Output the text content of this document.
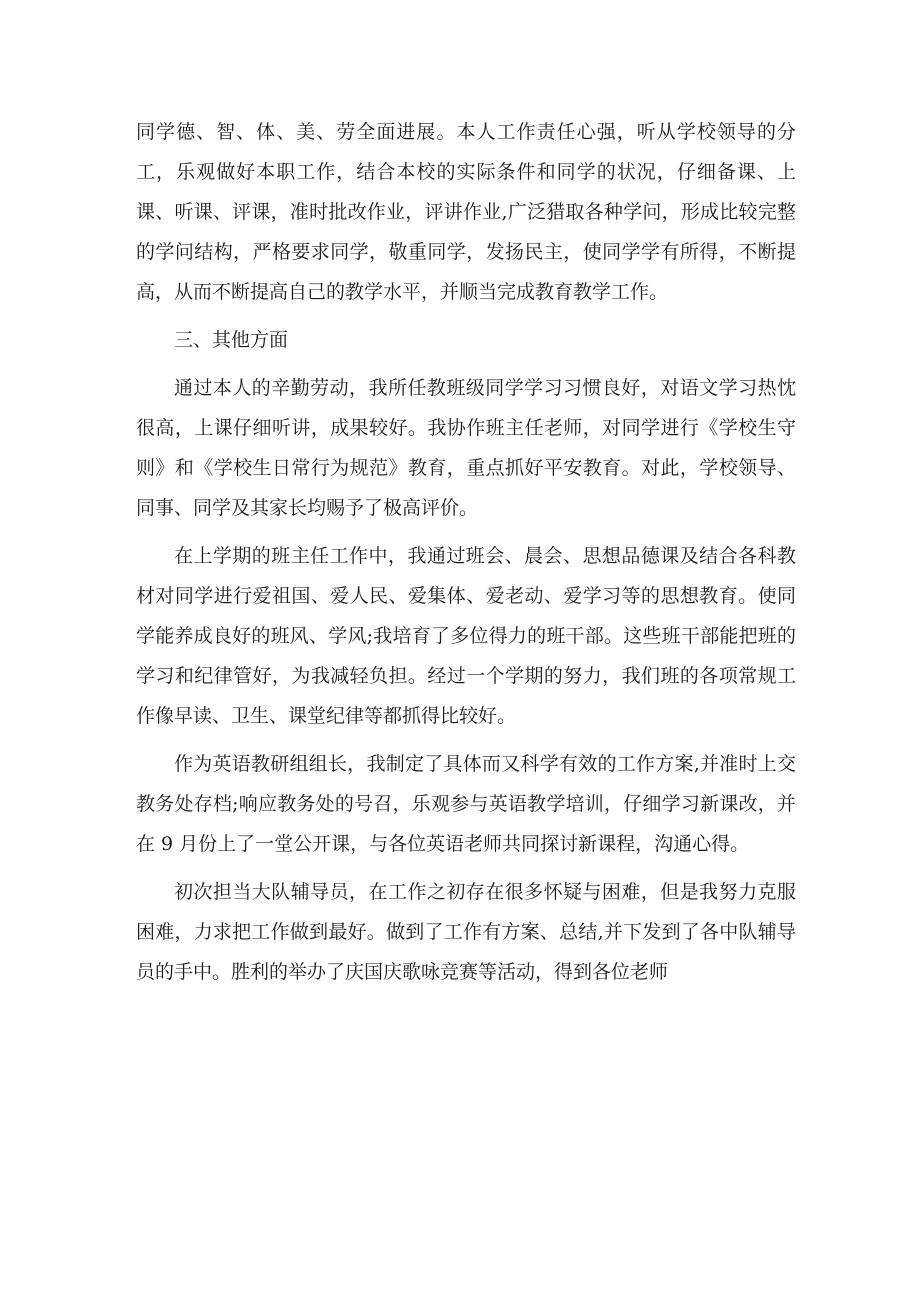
同学德、智、体、美、劳全面进展。本人工作责任心强，听从学校领导的分工，乐观做好本职工作，结合本校的实际条件和同学的状况，仔细备课、上课、听课、评课，准时批改作业，评讲作业,广泛猎取各种学问，形成比较完整的学问结构，严格要求同学，敬重同学，发扬民主，使同学学有所得，不断提高，从而不断提高自己的教学水平，并顺当完成教育教学工作。

三、其他方面

通过本人的辛勤劳动，我所任教班级同学学习习惯良好，对语文学习热忱很高，上课仔细听讲，成果较好。我协作班主任老师，对同学进行《学校生守则》和《学校生日常行为规范》教育，重点抓好平安教育。对此，学校领导、同事、同学及其家长均赐予了极高评价。

在上学期的班主任工作中，我通过班会、晨会、思想品德课及结合各科教材对同学进行爱祖国、爱人民、爱集体、爱老动、爱学习等的思想教育。使同学能养成良好的班风、学风;我培育了多位得力的班干部。这些班干部能把班的学习和纪律管好，为我减轻负担。经过一个学期的努力，我们班的各项常规工作像早读、卫生、课堂纪律等都抓得比较好。

作为英语教研组组长，我制定了具体而又科学有效的工作方案,并准时上交教务处存档;响应教务处的号召，乐观参与英语教学培训，仔细学习新课改，并在 9 月份上了一堂公开课，与各位英语老师共同探讨新课程，沟通心得。

初次担当大队辅导员，在工作之初存在很多怀疑与困难，但是我努力克服困难，力求把工作做到最好。做到了工作有方案、总结,并下发到了各中队辅导员的手中。胜利的举办了庆国庆歌咏竞赛等活动，得到各位老师
